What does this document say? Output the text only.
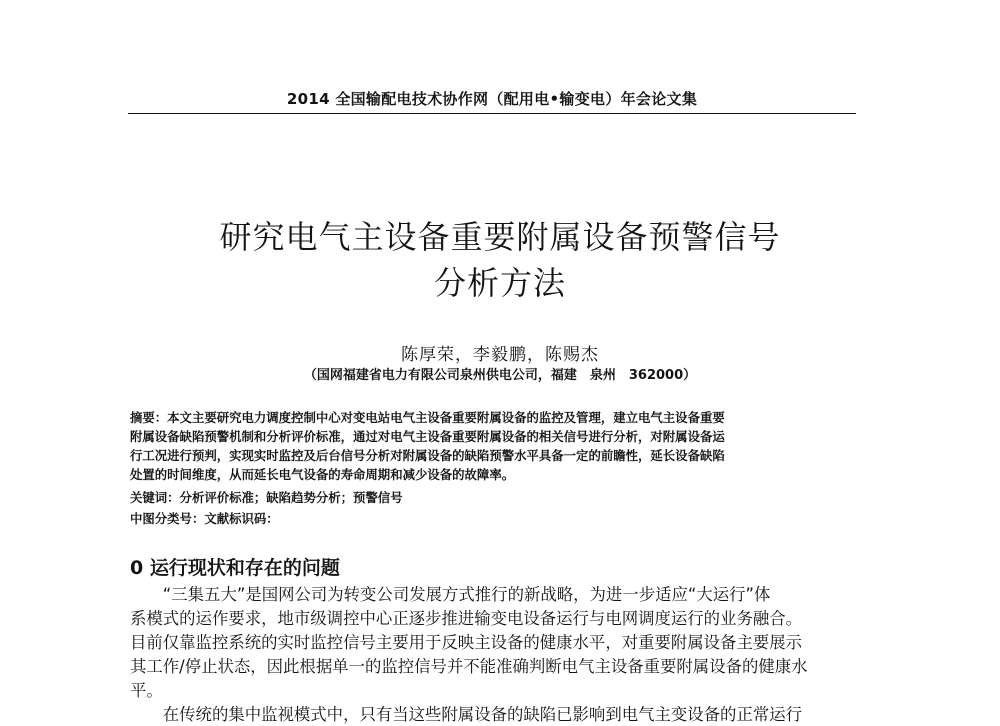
2014 全国输配电技术协作网（配用电•输变电）年会论文集
研究电气主设备重要附属设备预警信号
分析方法
陈厚荣，李毅鹏，陈赐杰
（国网福建省电力有限公司泉州供电公司，福建　泉州　362000）
摘要：本文主要研究电力调度控制中心对变电站电气主设备重要附属设备的监控及管理，建立电气主设备重要
附属设备缺陷预警机制和分析评价标准，通过对电气主设备重要附属设备的相关信号进行分析，对附属设备运
行工况进行预判，实现实时监控及后台信号分析对附属设备的缺陷预警水平具备一定的前瞻性，延长设备缺陷
处置的时间维度，从而延长电气设备的寿命周期和减少设备的故障率。
关键词：分析评价标准；缺陷趋势分析；预警信号
中图分类号：文献标识码：
0 运行现状和存在的问题
　　“三集五大”是国网公司为转变公司发展方式推行的新战略，为进一步适应“大运行”体
系模式的运作要求，地市级调控中心正逐步推进输变电设备运行与电网调度运行的业务融合。
目前仅靠监控系统的实时监控信号主要用于反映主设备的健康水平，对重要附属设备主要展示
其工作/停止状态，因此根据单一的监控信号并不能准确判断电气主设备重要附属设备的健康水
平。
　　在传统的集中监视模式中，只有当这些附属设备的缺陷已影响到电气主变设备的正常运行
